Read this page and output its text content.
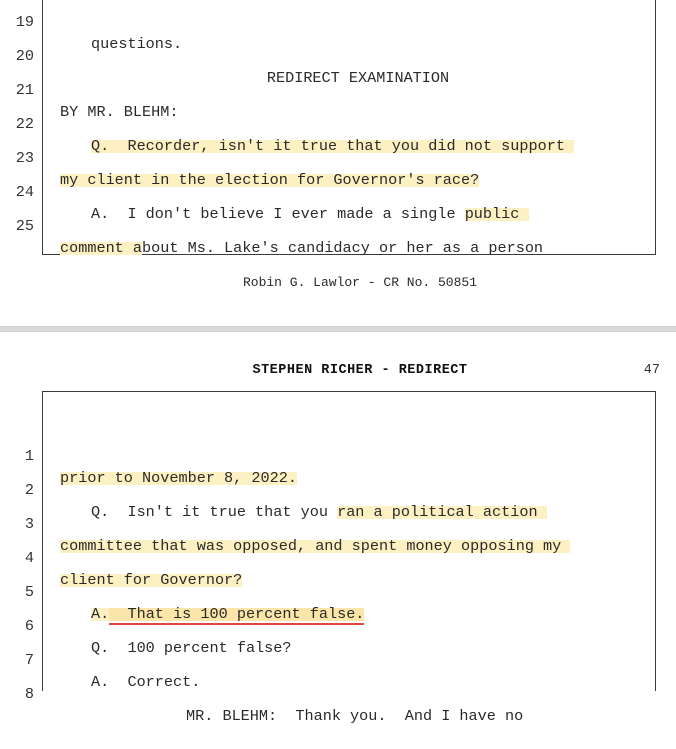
19

questions.

20

REDIRECT EXAMINATION

21

BY MR. BLEHM:

22

Q.  Recorder, isn't it true that you did not support

23

my client in the election for Governor's race?

24

A.  I don't believe I ever made a single public

25

comment about Ms. Lake's candidacy or her as a person

Robin G. Lawlor - CR No. 50851
STEPHEN RICHER - REDIRECT	47

1

prior to November 8, 2022.

2

Q.  Isn't it true that you ran a political action

3

committee that was opposed, and spent money opposing my

4

client for Governor?

5

A.  That is 100 percent false.

6

Q.  100 percent false?

7

A.  Correct.

8

MR. BLEHM:  Thank you.  And I have no
